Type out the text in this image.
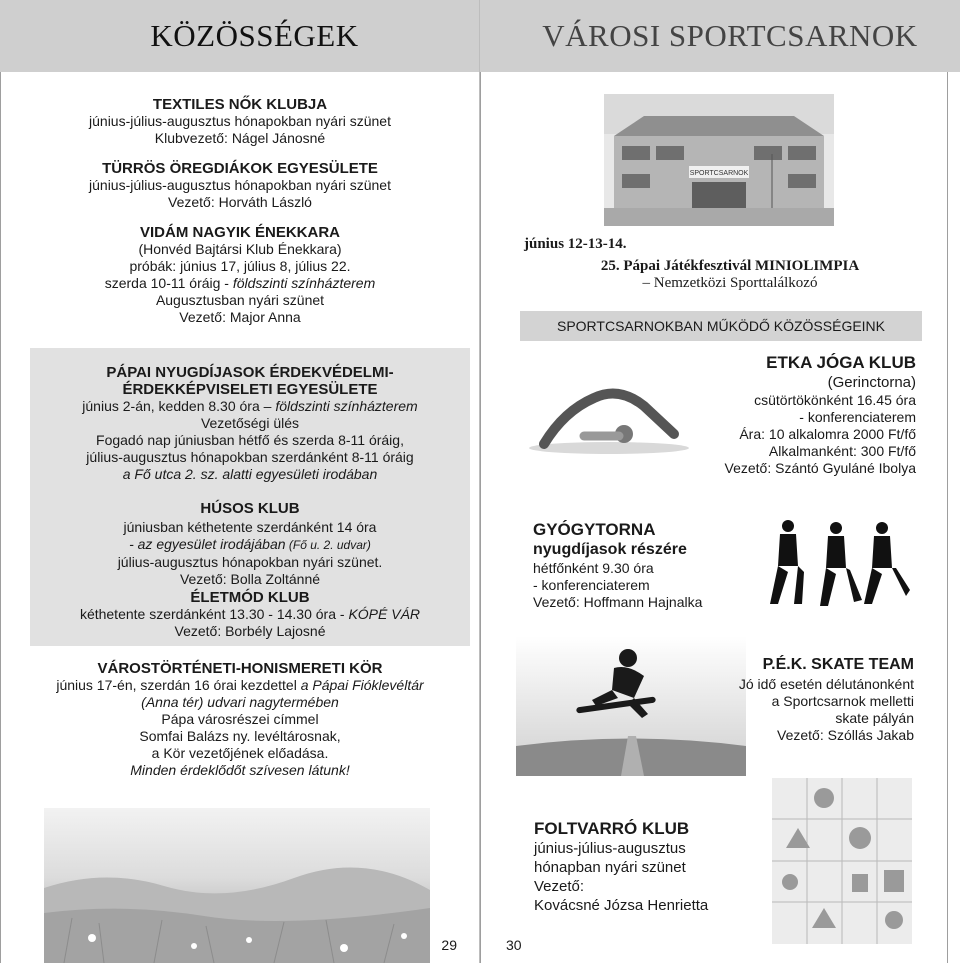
KÖZÖSSÉGEK
TEXTILES NŐK KLUBJA
június-július-augusztus hónapokban nyári szünet
Klubvezető: Nágel Jánosné
TÜRRÖS ÖREGDIÁKOK EGYESÜLETE
június-július-augusztus hónapokban nyári szünet
Vezető: Horváth László
VIDÁM NAGYIK ÉNEKKARA
(Honvéd Bajtársi Klub Énekkara)
próbák: június 17, július 8, július 22.
szerda 10-11 óráig - földszinti színházterem
Augusztusban nyári szünet
Vezető: Major Anna
PÁPAI NYUGDÍJASOK ÉRDEKVÉDELMI-
ÉRDEKKÉPVISELETI EGYESÜLETE
június 2-án, kedden 8.30 óra – földszinti színházterem
Vezetőségi ülés
Fogadó nap júniusban hétfő és szerda 8-11 óráig,
július-augusztus hónapokban szerdánként 8-11 óráig
a Fő utca 2. sz. alatti egyesületi irodában
HÚSOS KLUB
júniusban kéthetente szerdánként 14 óra
- az egyesület irodájában (Fő u. 2. udvar)
július-augusztus hónapokban nyári szünet.
Vezető: Bolla Zoltánné
ÉLETMÓD KLUB
kéthetente szerdánként 13.30 - 14.30 óra - KÓPÉ VÁR
Vezető: Borbély Lajosné
VÁROSTÖRTÉNETI-HONISMERETI KÖR
június 17-én, szerdán 16 órai kezdettel a Pápai Fióklevéltár
(Anna tér) udvari nagytermében
Pápa városrészei címmel
Somfai Balázs ny. levéltárosnak,
a Kör vezetőjének előadása.
Minden érdeklődőt szívesen látunk!
29
VÁROSI SPORTCSARNOK
SPORTCSARNOK
június 12-13-14.
25. Pápai Játékfesztivál MINIOLIMPIA
– Nemzetközi Sporttalálkozó
SPORTCSARNOKBAN MŰKÖDŐ KÖZÖSSÉGEINK
ETKA JÓGA KLUB
(Gerinctorna)
csütörtökönként 16.45 óra
- konferenciaterem
Ára: 10 alkalomra 2000 Ft/fő
Alkalmanként: 300 Ft/fő
Vezető: Szántó Gyuláné Ibolya
GYÓGYTORNA
nyugdíjasok részére
hétfőnként 9.30 óra
- konferenciaterem
Vezető: Hoffmann Hajnalka
P.É.K. SKATE TEAM
Jó idő esetén délutánonként
a Sportcsarnok melletti
skate pályán
Vezető: Szóllás Jakab
FOLTVARRÓ KLUB
június-július-augusztus
hónapban nyári szünet
Vezető:
Kovácsné Józsa Henrietta
30
